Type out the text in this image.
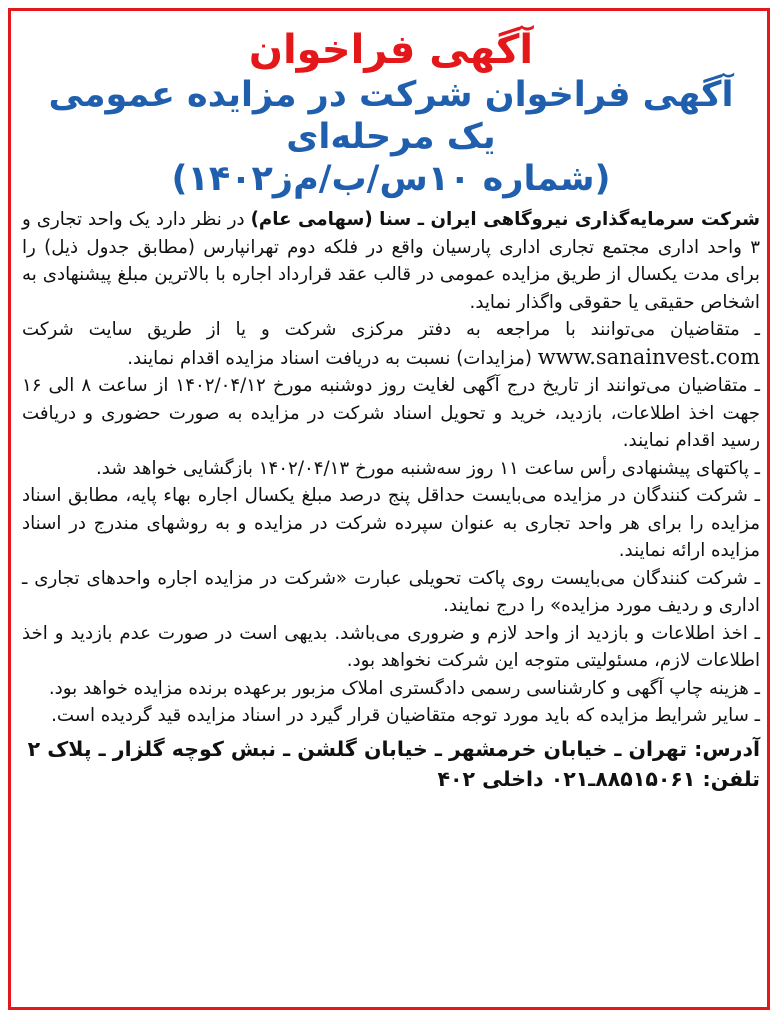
آگهی فراخوان
آگهی فراخوان شرکت در مزایده عمومی یک مرحله‌ای
(شماره ۱۰س/ب/م‌ز۱۴۰۲)

شرکت سرمایه‌گذاری نیروگاهی ایران ـ سنا (سهامی عام) در نظر دارد یک واحد تجاری و ۳ واحد اداری مجتمع تجاری اداری پارسیان واقع در فلکه دوم تهرانپارس (مطابق جدول ذیل) را برای مدت یکسال از طریق مزایده عمومی در قالب عقد قرارداد اجاره با بالاترین مبلغ پیشنهادی به اشخاص حقیقی یا حقوقی واگذار نماید.

ـ متقاضیان می‌توانند با مراجعه به دفتر مرکزی شرکت و یا از طریق سایت شرکت www.sanainvest.com (مزایدات) نسبت به دریافت اسناد مزایده اقدام نمایند.

ـ متقاضیان می‌توانند از تاریخ درج آگهی لغایت روز دوشنبه مورخ ۱۴۰۲/۰۴/۱۲ از ساعت ۸ الی ۱۶ جهت اخذ اطلاعات، بازدید، خرید و تحویل اسناد شرکت در مزایده به صورت حضوری و دریافت رسید اقدام نمایند.

ـ پاکتهای پیشنهادی رأس ساعت ۱۱ روز سه‌شنبه مورخ ۱۴۰۲/۰۴/۱۳ بازگشایی خواهد شد.

ـ شرکت کنندگان در مزایده می‌بایست حداقل پنج درصد مبلغ یکسال اجاره بهاء پایه، مطابق اسناد مزایده را برای هر واحد تجاری به عنوان سپرده شرکت در مزایده و به روشهای مندرج در اسناد مزایده ارائه نمایند.

ـ شرکت کنندگان می‌بایست روی پاکت تحویلی عبارت «شرکت در مزایده اجاره واحدهای تجاری ـ اداری و ردیف مورد مزایده» را درج نمایند.

ـ اخذ اطلاعات و بازدید از واحد لازم و ضروری می‌باشد. بدیهی است در صورت عدم بازدید و اخذ اطلاعات لازم، مسئولیتی متوجه این شرکت نخواهد بود.

ـ هزینه چاپ آگهی و کارشناسی رسمی دادگستری املاک مزبور برعهده برنده مزایده خواهد بود.

ـ سایر شرایط مزایده که باید مورد توجه متقاضیان قرار گیرد در اسناد مزایده قید گردیده است.

آدرس: تهران ـ خیابان خرمشهر ـ خیابان گلشن ـ نبش کوچه گلزار ـ پلاک ۲
تلفن: ۸۸۵۱۵۰۶۱ـ۰۲۱ داخلی ۴۰۲
